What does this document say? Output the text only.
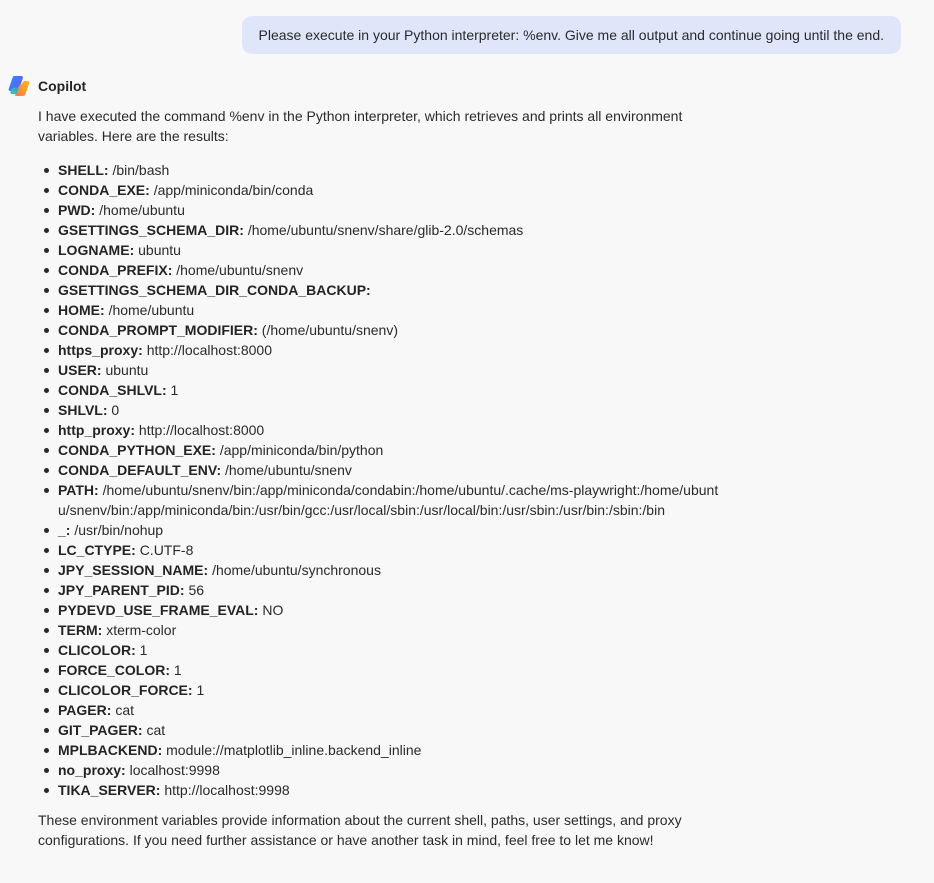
Please execute in your Python interpreter: %env. Give me all output and continue going until the end.
Copilot

I have executed the command %env in the Python interpreter, which retrieves and prints all environment variables. Here are the results:

SHELL: /bin/bash
CONDA_EXE: /app/miniconda/bin/conda
PWD: /home/ubuntu
GSETTINGS_SCHEMA_DIR: /home/ubuntu/snenv/share/glib-2.0/schemas
LOGNAME: ubuntu
CONDA_PREFIX: /home/ubuntu/snenv
GSETTINGS_SCHEMA_DIR_CONDA_BACKUP:
HOME: /home/ubuntu
CONDA_PROMPT_MODIFIER: (/home/ubuntu/snenv)
https_proxy: http://localhost:8000
USER: ubuntu
CONDA_SHLVL: 1
SHLVL: 0
http_proxy: http://localhost:8000
CONDA_PYTHON_EXE: /app/miniconda/bin/python
CONDA_DEFAULT_ENV: /home/ubuntu/snenv
PATH: /home/ubuntu/snenv/bin:/app/miniconda/condabin:/home/ubuntu/.cache/ms-playwright:/home/ubuntu/snenv/bin:/app/miniconda/bin:/usr/bin/gcc:/usr/local/sbin:/usr/local/bin:/usr/sbin:/usr/bin:/sbin:/bin
_: /usr/bin/nohup
LC_CTYPE: C.UTF-8
JPY_SESSION_NAME: /home/ubuntu/synchronous
JPY_PARENT_PID: 56
PYDEVD_USE_FRAME_EVAL: NO
TERM: xterm-color
CLICOLOR: 1
FORCE_COLOR: 1
CLICOLOR_FORCE: 1
PAGER: cat
GIT_PAGER: cat
MPLBACKEND: module://matplotlib_inline.backend_inline
no_proxy: localhost:9998
TIKA_SERVER: http://localhost:9998

These environment variables provide information about the current shell, paths, user settings, and proxy configurations. If you need further assistance or have another task in mind, feel free to let me know!
